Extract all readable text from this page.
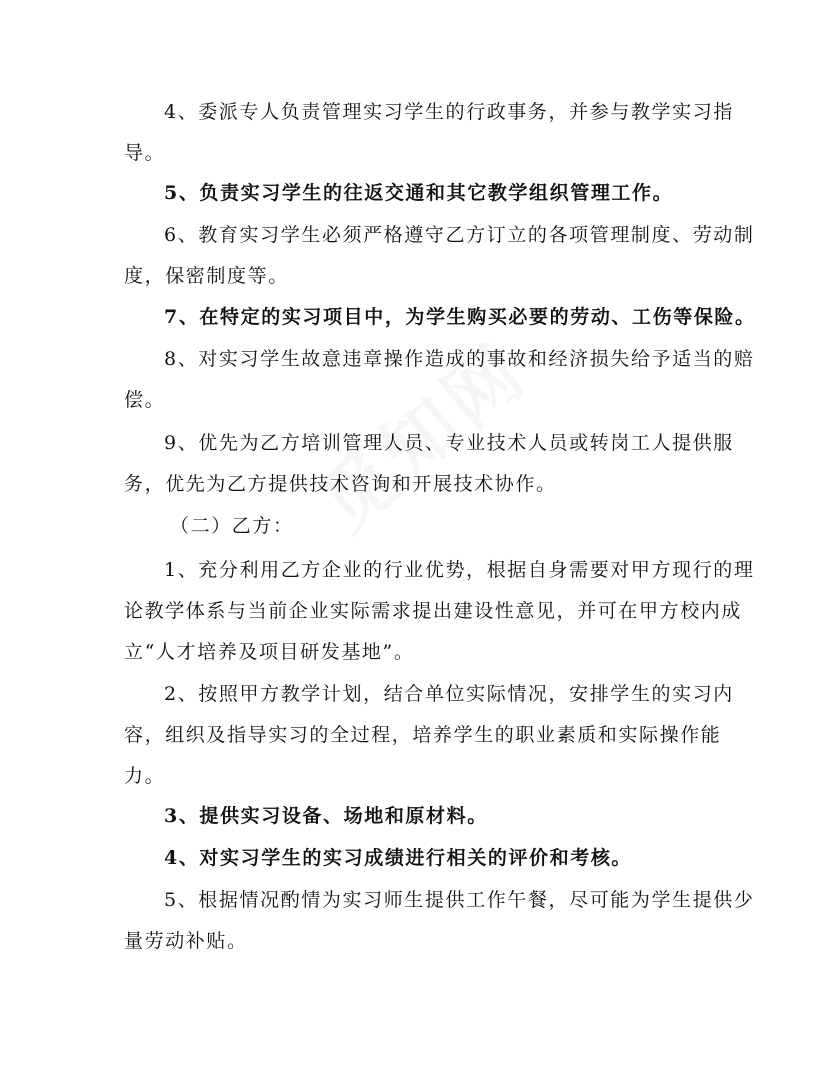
4、委派专人负责管理实习学生的行政事务，并参与教学实习指
导。
5、负责实习学生的往返交通和其它教学组织管理工作。
6、教育实习学生必须严格遵守乙方订立的各项管理制度、劳动制
度，保密制度等。
7、在特定的实习项目中，为学生购买必要的劳动、工伤等保险。
8、对实习学生故意违章操作造成的事故和经济损失给予适当的赔
偿。
9、优先为乙方培训管理人员、专业技术人员或转岗工人提供服
务，优先为乙方提供技术咨询和开展技术协作。
（二）乙方：
1、充分利用乙方企业的行业优势，根据自身需要对甲方现行的理
论教学体系与当前企业实际需求提出建设性意见，并可在甲方校内成
立“人才培养及项目研发基地”。
2、按照甲方教学计划，结合单位实际情况，安排学生的实习内
容，组织及指导实习的全过程，培养学生的职业素质和实际操作能
力。
3、提供实习设备、场地和原材料。
4、对实习学生的实习成绩进行相关的评价和考核。
5、根据情况酌情为实习师生提供工作午餐，尽可能为学生提供少
量劳动补贴。
